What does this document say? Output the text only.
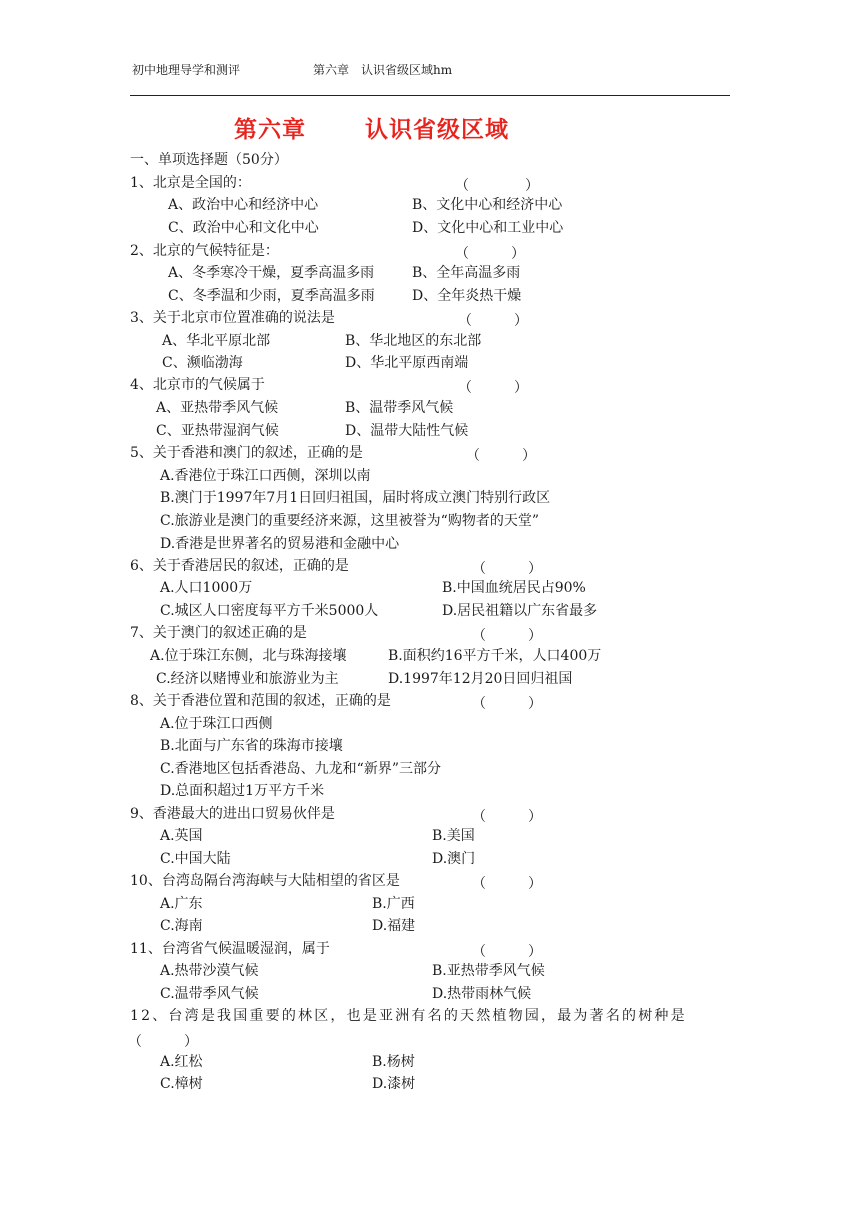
初中地理导学和测评	第六章　认识省级区域hm
第六章	认识省级区域
一、单项选择题（50分）
1、北京是全国的：	（　　　　）
A、政治中心和经济中心	B、文化中心和经济中心
C、政治中心和文化中心	D、文化中心和工业中心
2、北京的气候特征是：	（　　　）
A、冬季寒冷干燥，夏季高温多雨	B、全年高温多雨
C、冬季温和少雨，夏季高温多雨	D、全年炎热干燥
3、关于北京市位置准确的说法是	（　　　）
A、华北平原北部	B、华北地区的东北部
C、濒临渤海	D、华北平原西南端
4、北京市的气候属于	（　　　）
A、亚热带季风气候	B、温带季风气候
C、亚热带湿润气候	D、温带大陆性气候
5、关于香港和澳门的叙述，正确的是	（　　　）
A.香港位于珠江口西侧，深圳以南
B.澳门于1997年7月1日回归祖国，届时将成立澳门特别行政区
C.旅游业是澳门的重要经济来源，这里被誉为“购物者的天堂”
D.香港是世界著名的贸易港和金融中心
6、关于香港居民的叙述，正确的是	（　　　）
A.人口1000万	B.中国血统居民占90%
C.城区人口密度每平方千米5000人	D.居民祖籍以广东省最多
7、关于澳门的叙述正确的是	（　　　）
A.位于珠江东侧，北与珠海接壤	B.面积约16平方千米，人口400万
C.经济以赌博业和旅游业为主	D.1997年12月20日回归祖国
8、关于香港位置和范围的叙述，正确的是	（　　　）
A.位于珠江口西侧
B.北面与广东省的珠海市接壤
C.香港地区包括香港岛、九龙和“新界”三部分
D.总面积超过1万平方千米
9、香港最大的进出口贸易伙伴是	（　　　）
A.英国	B.美国
C.中国大陆	D.澳门
10、台湾岛隔台湾海峡与大陆相望的省区是	（　　　）
A.广东	B.广西
C.海南	D.福建
11、台湾省气候温暖湿润，属于	（　　　）
A.热带沙漠气候	B.亚热带季风气候
C.温带季风气候	D.热带雨林气候
12、台湾是我国重要的林区，也是亚洲有名的天然植物园，最为著名的树种是
（　　　）
A.红松	B.杨树
C.樟树	D.漆树
